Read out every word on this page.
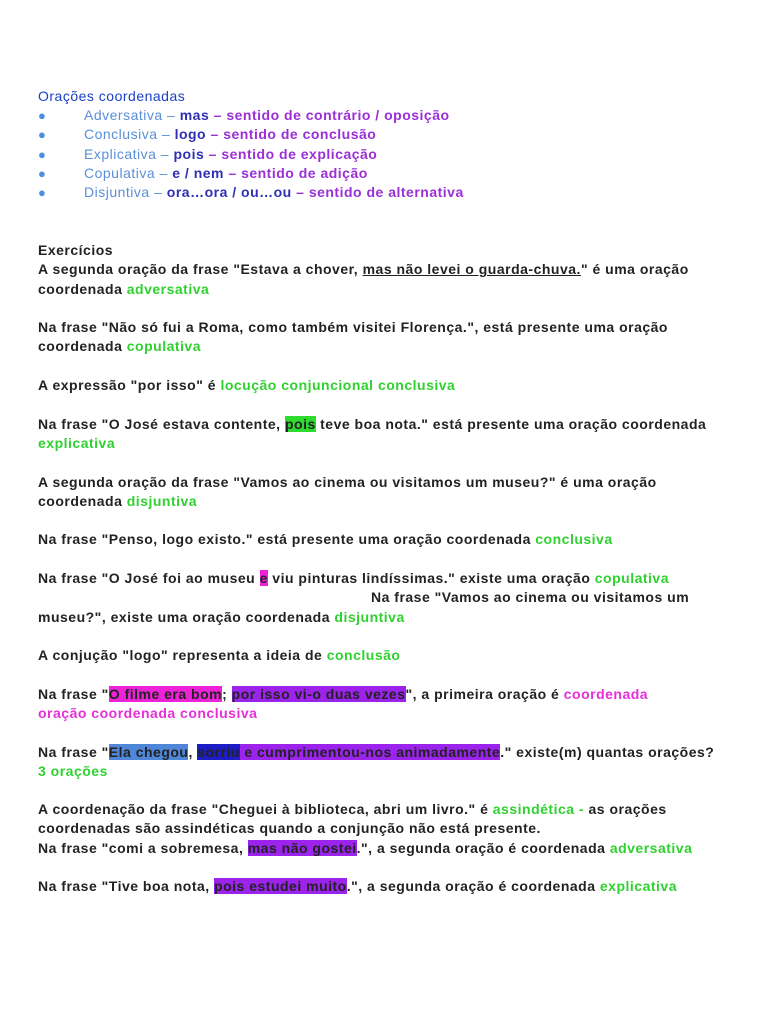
Orações coordenadas
●	Adversativa – mas – sentido de contrário / oposição
●	Conclusiva – logo – sentido de conclusão
●	Explicativa – pois – sentido de explicação
●	Copulativa – e / nem – sentido de adição
●	Disjuntiva – ora…ora / ou…ou – sentido de alternativa
Exercícios
A segunda oração da frase "Estava a chover, mas não levei o guarda-chuva." é uma oração
coordenada adversativa
Na frase "Não só fui a Roma, como também visitei Florença.", está presente uma oração
coordenada copulativa
A expressão "por isso" é locução conjuncional conclusiva
Na frase "O José estava contente, pois teve boa nota." está presente uma oração coordenada
explicativa
A segunda oração da frase "Vamos ao cinema ou visitamos um museu?" é uma oração
coordenada disjuntiva
Na frase "Penso, logo existo." está presente uma oração coordenada conclusiva
Na frase "O José foi ao museu e viu pinturas lindíssimas." existe uma oração copulativa
Na frase "Vamos ao cinema ou visitamos um
museu?", existe uma oração coordenada disjuntiva
A conjução "logo" representa a ideia de conclusão
Na frase "O filme era bom; por isso vi-o duas vezes", a primeira oração é coordenada
oração coordenada conclusiva
Na frase "Ela chegou, sorriu e cumprimentou-nos animadamente." existe(m) quantas orações?
3 orações
A coordenação da frase "Cheguei à biblioteca, abri um livro." é assindética - as orações
coordenadas são assindéticas quando a conjunção não está presente.
Na frase "comi a sobremesa, mas não gostei.", a segunda oração é coordenada adversativa
Na frase "Tive boa nota, pois estudei muito.", a segunda oração é coordenada explicativa
